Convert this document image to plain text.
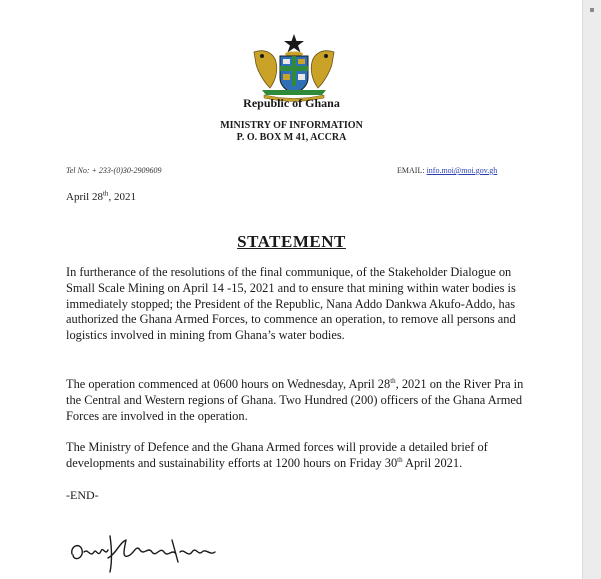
Republic of Ghana
MINISTRY OF INFORMATION
P. O. BOX M 41, ACCRA
Tel No: + 233-(0)30-2909609	EMAIL: info.moi@moi.gov.gh
April 28th, 2021
STATEMENT
In furtherance of the resolutions of the final communique, of the Stakeholder Dialogue on Small Scale Mining on April 14 -15, 2021 and to ensure that mining within water bodies is immediately stopped; the President of the Republic, Nana Addo Dankwa Akufo-Addo, has authorized the Ghana Armed Forces, to commence an operation, to remove all persons and logistics involved in mining from Ghana’s water bodies.
The operation commenced at 0600 hours on Wednesday, April 28th, 2021 on the River Pra in the Central and Western regions of Ghana. Two Hundred (200) officers of the Ghana Armed Forces are involved in the operation.
The Ministry of Defence and the Ghana Armed forces will provide a detailed brief of developments and sustainability efforts at 1200 hours on Friday 30th April 2021.
-END-
